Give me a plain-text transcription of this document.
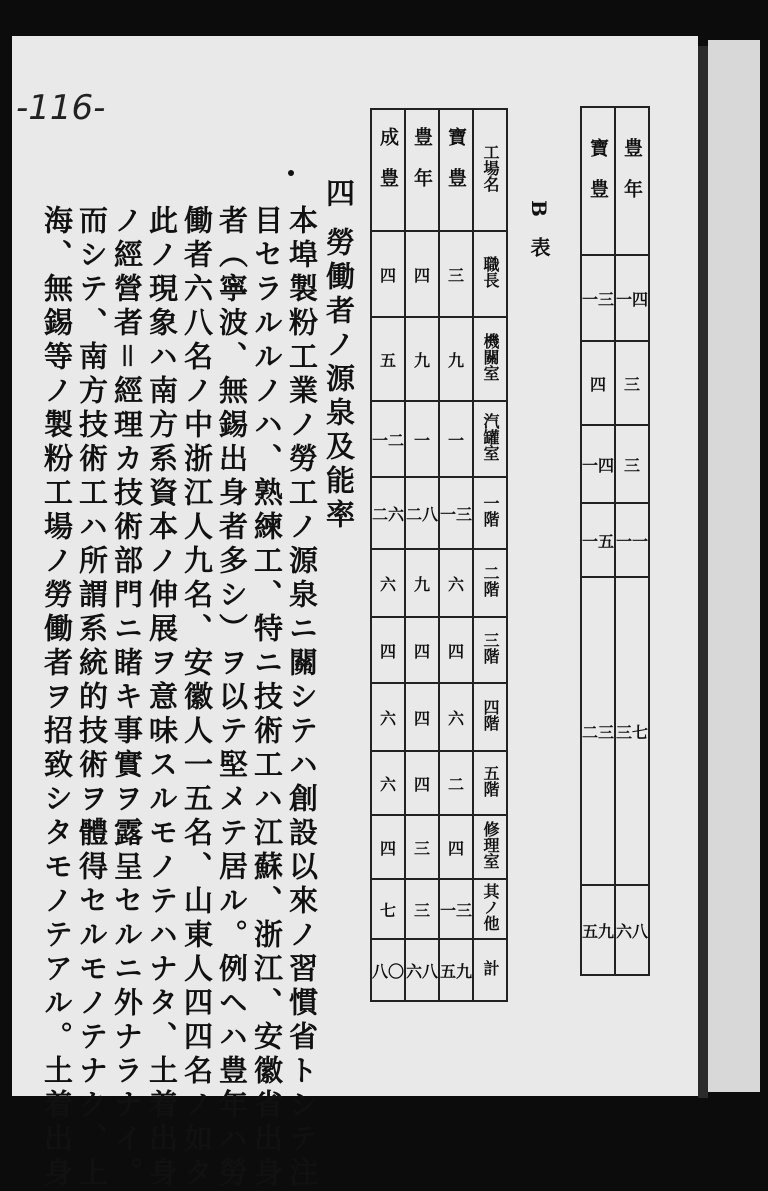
-116-
四 勞働者ノ源泉及能率
本埠製粉工業ノ勞工ノ源泉ニ關シテハ創設以來ノ習慣省トシテ注
目セラルルノハ、熟練工、特ニ技術工ハ江蘇、浙江、安徽省出身
者（寧波、無錫出身者多シ）ヲ以テ堅メテ居ル。例ヘハ豊年ハ勞
働者六八名ノ中浙江人九名、安徽人一五名、山東人四四名ノ如タ
此ノ現象ハ南方系資本ノ伸展ヲ意味スルモノテハナタ、土着出身
ノ經營者＝經理カ技術部門ニ睹キ事實ヲ露呈セルニ外ナラナイ。
而シテ、南方技術工ハ所謂系統的技術ヲ體得セルモノテナク、上
海、無錫等ノ製粉工場ノ勞働者ヲ招致シタモノテアル。土着出身	B　表
成豊	豊年	寶豊	工場名
四	四	三	職長
五	九	九	機關室
一二	一	一	汽罐室
二六	二八	一三	一階
六	九	六	二階
四	四	四	三階
六	四	六	四階
六	四	二	五階
四	三	四	修理室
七	三	一三	其ノ他
八〇	六八	五九	計
寶豊	豊年
一三	一四
四	三
一四	三
一五	一一
二三	三七
五九	六八
